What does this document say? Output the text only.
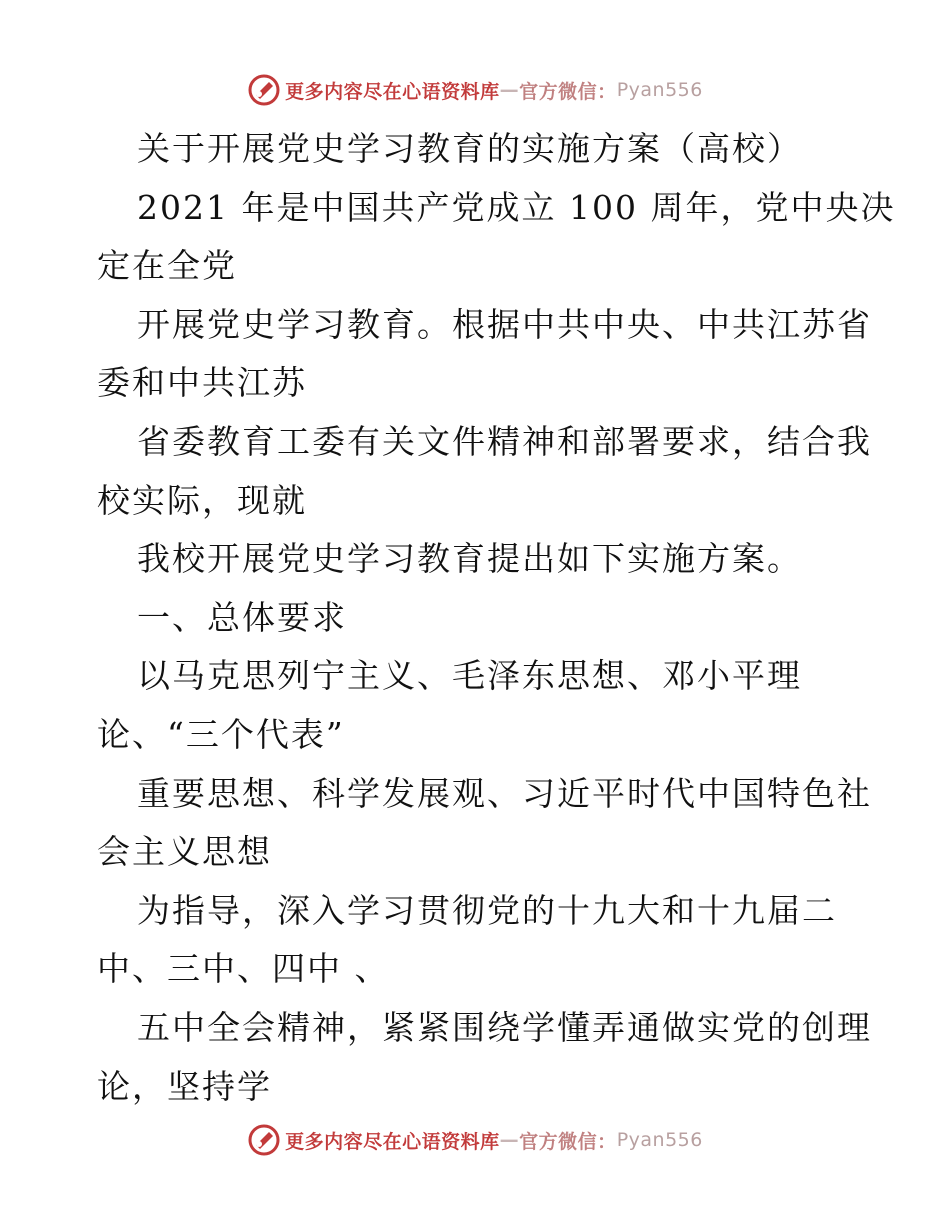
更多内容尽在心语资料库 — 官方微信： Pyan556
关于开展党史学习教育的实施方案（高校）
2021 年是中国共产党成立 100 周年，党中央决
定在全党
开展党史学习教育。根据中共中央、中共江苏省
委和中共江苏
省委教育工委有关文件精神和部署要求，结合我
校实际，现就
我校开展党史学习教育提出如下实施方案。
一、总体要求
以马克思列宁主义、毛泽东思想、邓小平理
论、“三个代表”
重要思想、科学发展观、习近平时代中国特色社
会主义思想
为指导，深入学习贯彻党的十九大和十九届二
中、三中、四中 、
五中全会精神，紧紧围绕学懂弄通做实党的创理
论，坚持学
更多内容尽在心语资料库 — 官方微信： Pyan556
